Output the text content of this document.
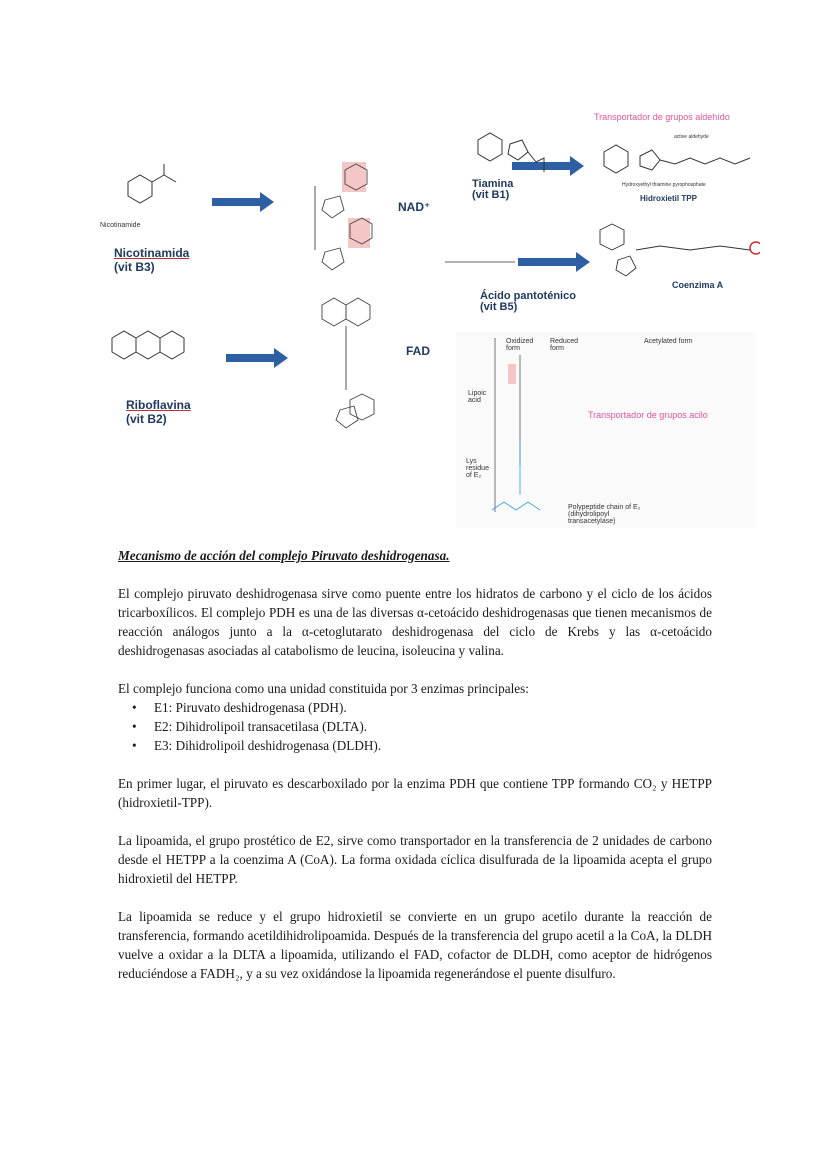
Nicotinamide
Nicotinamida
(vit B3)
NAD⁺
Riboflavina
(vit B2)
FAD
Tiamina
(vit B1)
Transportador de grupos aldehído
active aldehyde
Hydroxyethyl thiamine pyrophosphate
Hidroxietil TPP
Ácido pantoténico
(vit B5)
Coenzima A
Oxidized form
Reduced form
Acetylated form
Lipoic acid
Lys residue of E₂
Transportador de grupos acilo
Polypeptide chain of E₂ (dihydrolipoyl transacetylase)

Mecanismo de acción del complejo Piruvato deshidrogenasa.

El complejo piruvato deshidrogenasa sirve como puente entre los hidratos de carbono y el ciclo de los ácidos tricarboxílicos. El complejo PDH es una de las diversas α-cetoácido deshidrogenasas que tienen mecanismos de reacción análogos junto a la α-cetoglutarato deshidrogenasa del ciclo de Krebs y las α-cetoácido deshidrogenasas asociadas al catabolismo de leucina, isoleucina y valina.

El complejo funciona como una unidad constituida por 3 enzimas principales:

• E1: Piruvato deshidrogenasa (PDH).
• E2: Dihidrolipoil transacetilasa (DLTA).
• E3: Dihidrolipoil deshidrogenasa (DLDH).

En primer lugar, el piruvato es descarboxilado por la enzima PDH que contiene TPP formando CO₂ y HETPP (hidroxietil-TPP).

La lipoamida, el grupo prostético de E2, sirve como transportador en la transferencia de 2 unidades de carbono desde el HETPP a la coenzima A (CoA). La forma oxidada cíclica disulfurada de la lipoamida acepta el grupo hidroxietil del HETPP.

La lipoamida se reduce y el grupo hidroxietil se convierte en un grupo acetilo durante la reacción de transferencia, formando acetildihidrolipoamida. Después de la transferencia del grupo acetil a la CoA, la DLDH vuelve a oxidar a la DLTA a lipoamida, utilizando el FAD, cofactor de DLDH, como aceptor de hidrógenos reduciéndose a FADH₂, y a su vez oxidándose la lipoamida regenerándose el puente disulfuro.
